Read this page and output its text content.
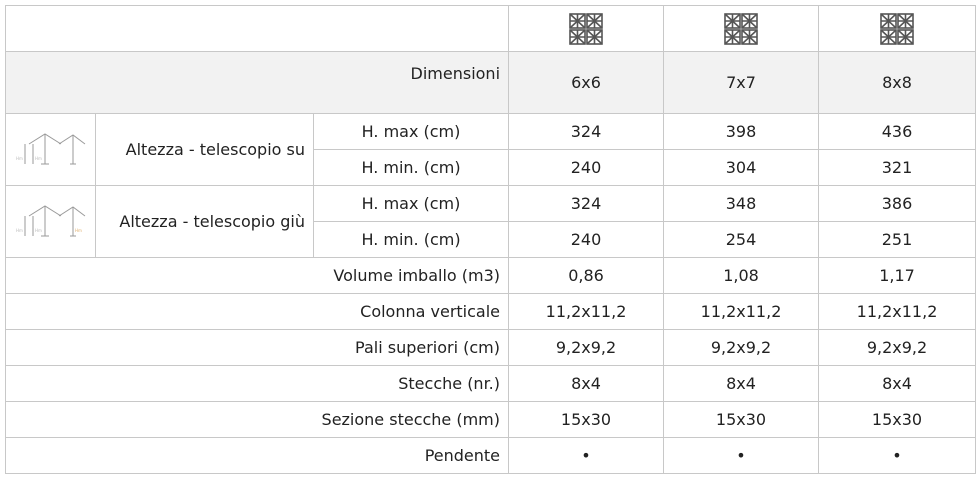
Dimensioni			6x6	7x7	8x8

Hm Hm	Altezza - telescopio su	H. max (cm)	324	398	436
		H. min. (cm)	240	304	321

Hm Hm Hm	Altezza - telescopio giù	H. max (cm)	324	348	386
		H. min. (cm)	240	254	251
Volume imballo (m3)			0,86	1,08	1,17
Colonna verticale			11,2x11,2	11,2x11,2	11,2x11,2
Pali superiori (cm)			9,2x9,2	9,2x9,2	9,2x9,2
Stecche (nr.)			8x4	8x4	8x4
Sezione stecche (mm)			15x30	15x30	15x30
Pendente			•	•	•
